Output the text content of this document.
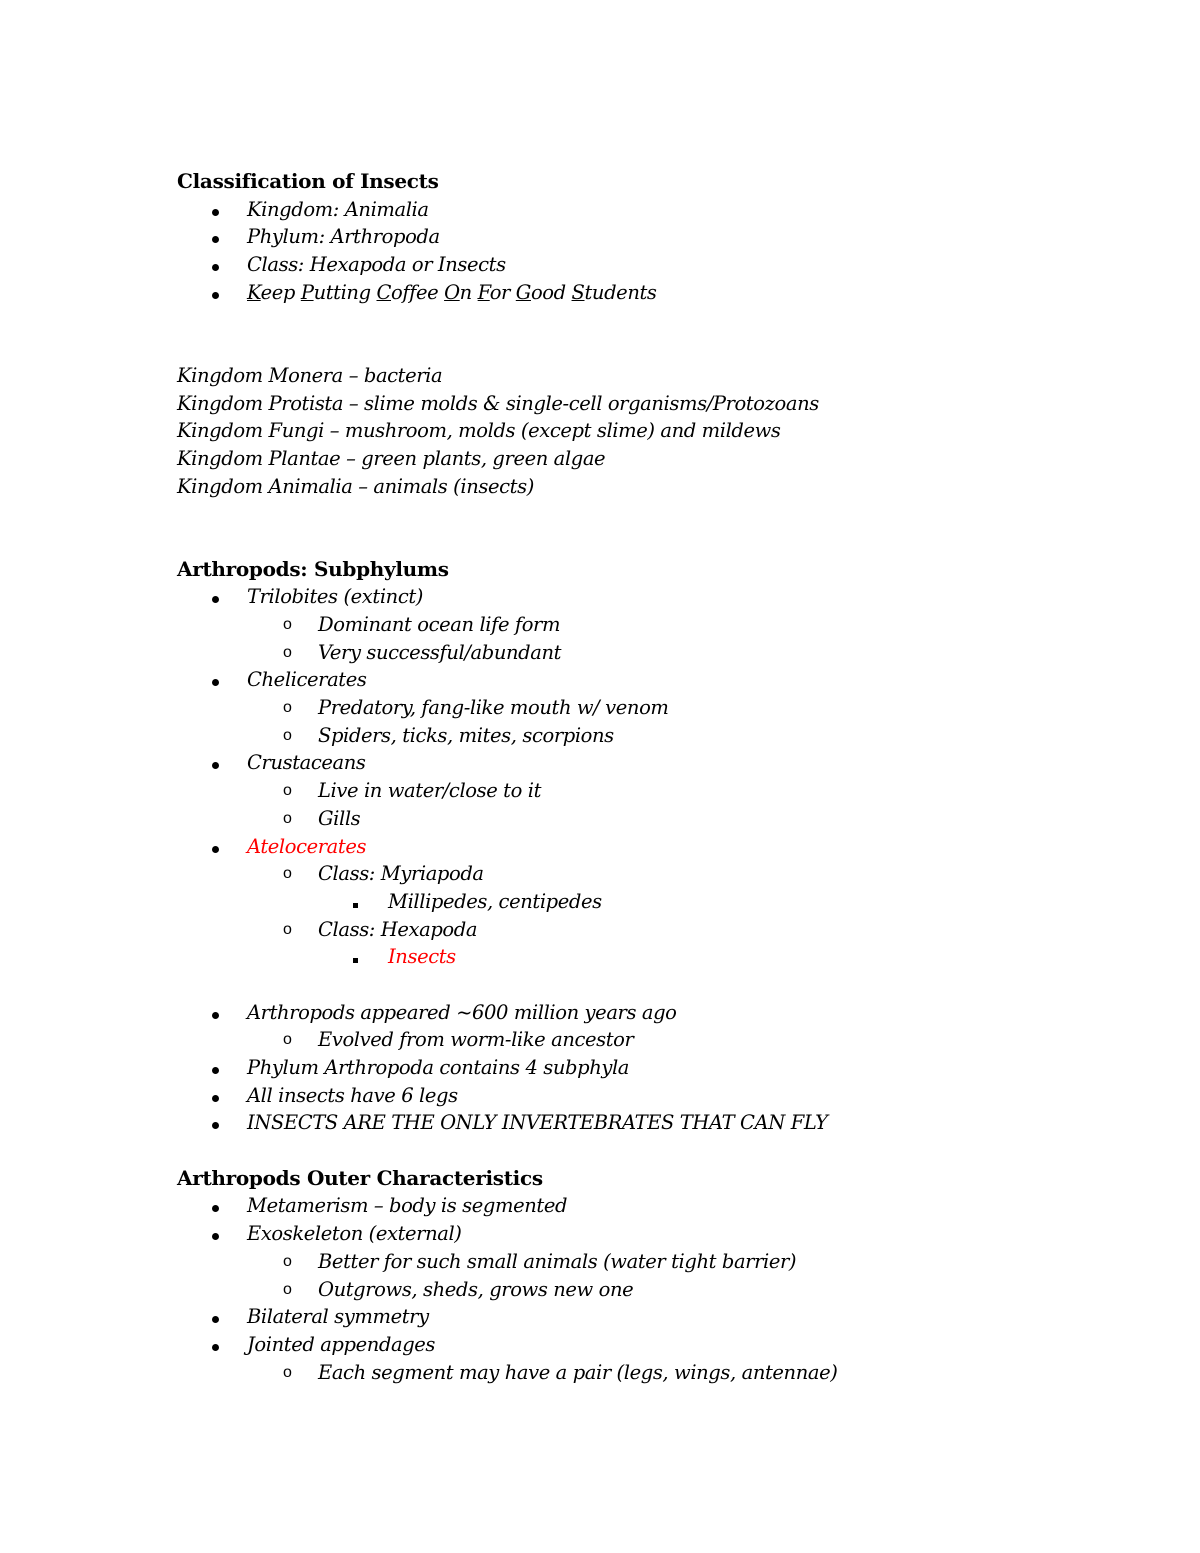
Classification of Insects
Kingdom: Animalia
Phylum: Arthropoda
Class: Hexapoda or Insects
Keep Putting Coffee On For Good Students
Kingdom Monera – bacteria
Kingdom Protista – slime molds & single-cell organisms/Protozoans
Kingdom Fungi – mushroom, molds (except slime) and mildews
Kingdom Plantae – green plants, green algae
Kingdom Animalia – animals (insects)
Arthropods: Subphylums
Trilobites (extinct)
o Dominant ocean life form
o Very successful/abundant
Chelicerates
o Predatory, fang-like mouth w/ venom
o Spiders, ticks, mites, scorpions
Crustaceans
o Live in water/close to it
o Gills
Atelocerates
o Class: Myriapoda
Millipedes, centipedes
o Class: Hexapoda
Insects
Arthropods appeared ~600 million years ago
o Evolved from worm-like ancestor
Phylum Arthropoda contains 4 subphyla
All insects have 6 legs
INSECTS ARE THE ONLY INVERTEBRATES THAT CAN FLY
Arthropods Outer Characteristics
Metamerism – body is segmented
Exoskeleton (external)
o Better for such small animals (water tight barrier)
o Outgrows, sheds, grows new one
Bilateral symmetry
Jointed appendages
o Each segment may have a pair (legs, wings, antennae)
